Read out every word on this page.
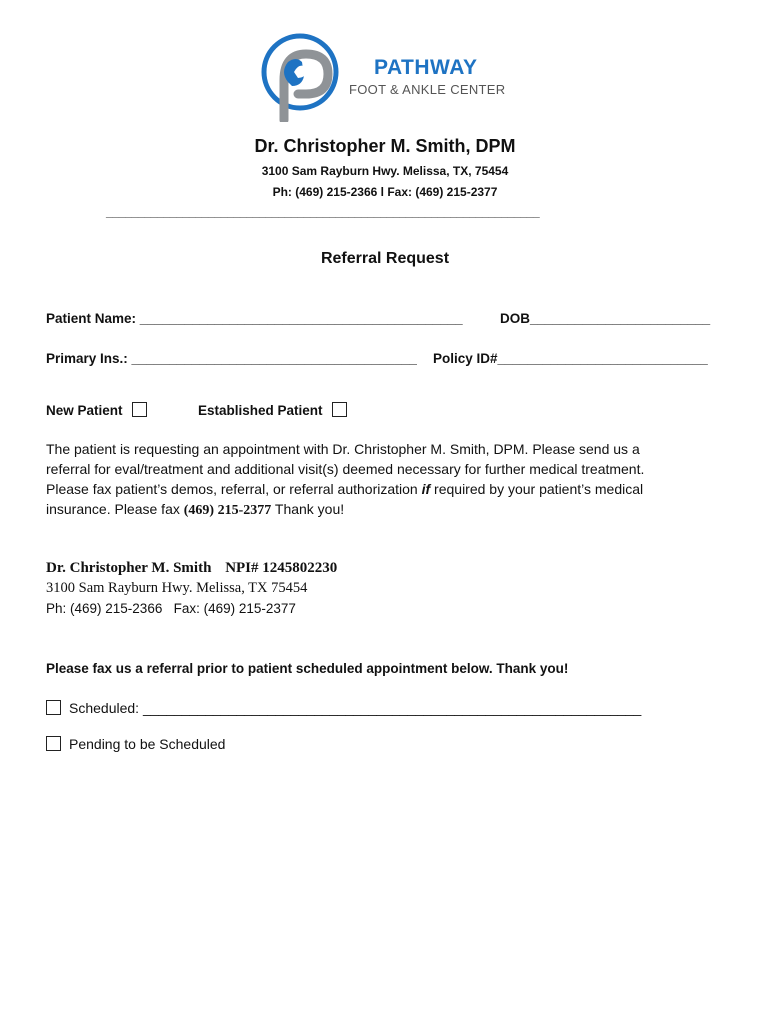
PATHWAY
FOOT & ANKLE CENTER
Dr. Christopher M. Smith, DPM
3100 Sam Rayburn Hwy. Melissa, TX, 75454
Ph: (469) 215-2366 l Fax: (469) 215-2377
____________________________________________________________________
Referral Request
Patient Name: ___________________________________________	DOB________________________
Primary Ins.: ______________________________________ Policy ID#____________________________
New Patient	Established Patient
The patient is requesting an appointment with Dr. Christopher M. Smith, DPM. Please send us a
referral for eval/treatment and additional visit(s) deemed necessary for further medical treatment.
Please fax patient’s demos, referral, or referral authorization if required by your patient’s medical
insurance. Please fax (469) 215-2377 Thank you!
Dr. Christopher M. Smith NPI# 1245802230
3100 Sam Rayburn Hwy. Melissa, TX 75454
Ph: (469) 215-2366   Fax: (469) 215-2377
Please fax us a referral prior to patient scheduled appointment below. Thank you!
Scheduled: ________________________________________________________________
Pending to be Scheduled
